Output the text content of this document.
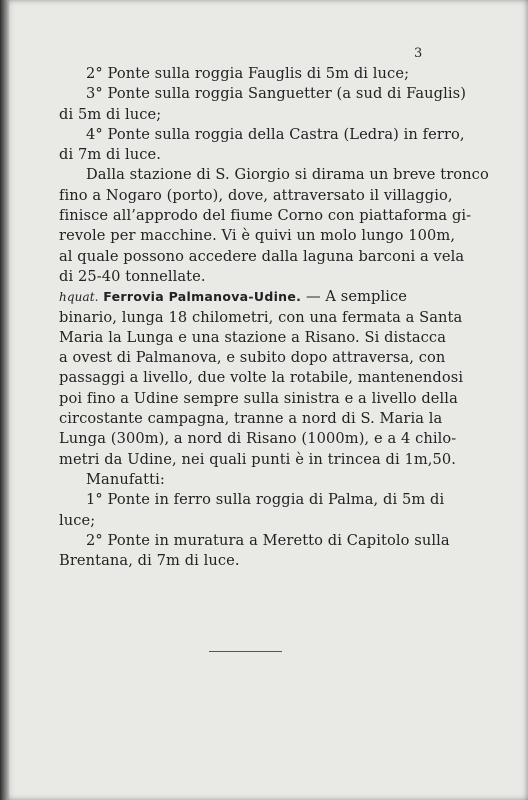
3
2° Ponte sulla roggia Fauglis di 5m di luce;
3° Ponte sulla roggia Sanguetter (a sud di Fauglis)
di 5m di luce;
4° Ponte sulla roggia della Castra (Ledra) in ferro,
di 7m di luce.
Dalla stazione di S. Giorgio si dirama un breve tronco
fino a Nogaro (porto), dove, attraversato il villaggio,
finisce all’approdo del fiume Corno con piattaforma gi-
revole per macchine. Vi è quivi un molo lungo 100m,
al quale possono accedere dalla laguna barconi a vela
di 25-40 tonnellate.
hquat. Ferrovia Palmanova-Udine. — A semplice
binario, lunga 18 chilometri, con una fermata a Santa
Maria la Lunga e una stazione a Risano. Si distacca
a ovest di Palmanova, e subito dopo attraversa, con
passaggi a livello, due volte la rotabile, mantenendosi
poi fino a Udine sempre sulla sinistra e a livello della
circostante campagna, tranne a nord di S. Maria la
Lunga (300m), a nord di Risano (1000m), e a 4 chilo-
metri da Udine, nei quali punti è in trincea di 1m,50.
Manufatti:
1° Ponte in ferro sulla roggia di Palma, di 5m di
luce;
2° Ponte in muratura a Meretto di Capitolo sulla
Brentana, di 7m di luce.
